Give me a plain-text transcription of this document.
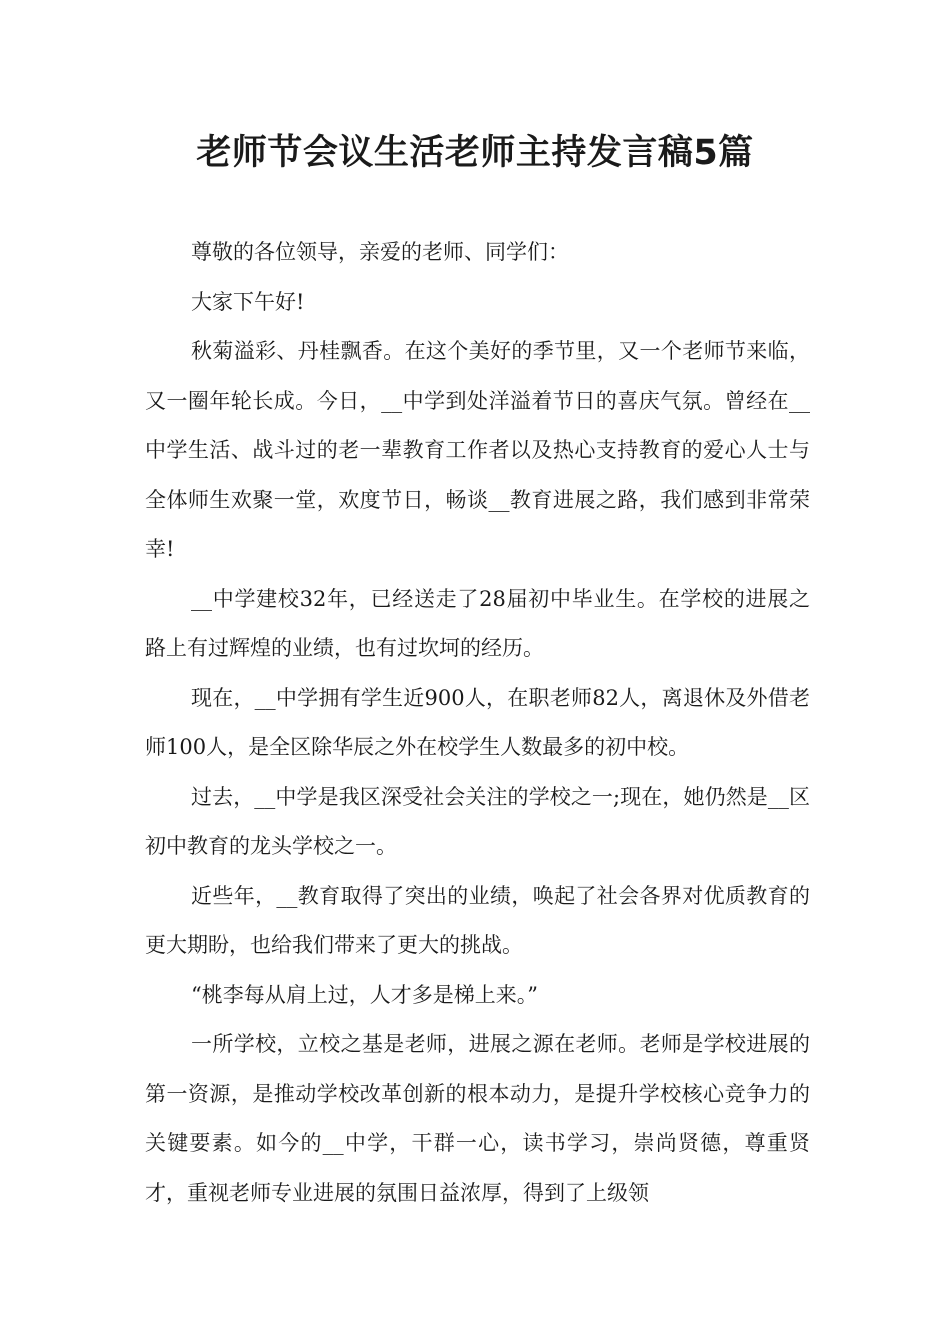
老师节会议生活老师主持发言稿5篇

尊敬的各位领导，亲爱的老师、同学们：

大家下午好!

秋菊溢彩、丹桂飘香。在这个美好的季节里，又一个老师节来临，又一圈年轮长成。今日，__中学到处洋溢着节日的喜庆气氛。曾经在__中学生活、战斗过的老一辈教育工作者以及热心支持教育的爱心人士与全体师生欢聚一堂，欢度节日，畅谈__教育进展之路，我们感到非常荣幸!

__中学建校32年，已经送走了28届初中毕业生。在学校的进展之路上有过辉煌的业绩，也有过坎坷的经历。

现在，__中学拥有学生近900人，在职老师82人，离退休及外借老师100人，是全区除华辰之外在校学生人数最多的初中校。

过去，__中学是我区深受社会关注的学校之一;现在，她仍然是__区初中教育的龙头学校之一。

近些年，__教育取得了突出的业绩，唤起了社会各界对优质教育的更大期盼，也给我们带来了更大的挑战。

“桃李每从肩上过，人才多是梯上来。”

一所学校，立校之基是老师，进展之源在老师。老师是学校进展的第一资源，是推动学校改革创新的根本动力，是提升学校核心竞争力的关键要素。如今的__中学，干群一心，读书学习，崇尚贤德，尊重贤才，重视老师专业进展的氛围日益浓厚，得到了上级领
